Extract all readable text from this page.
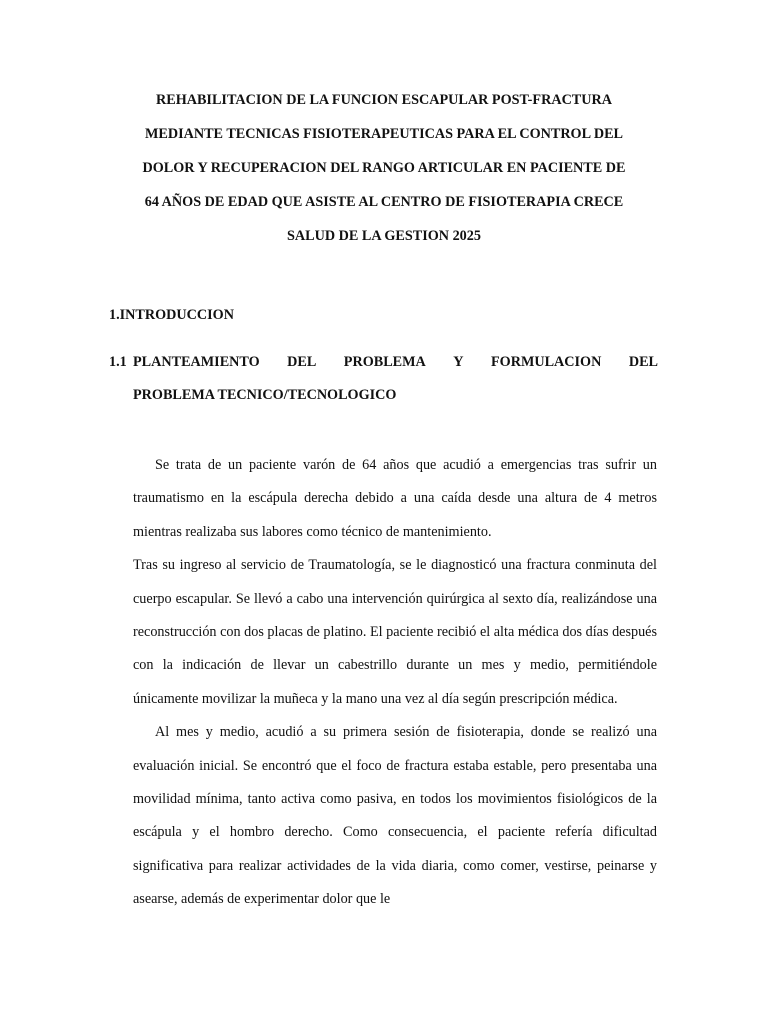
REHABILITACION DE LA FUNCION ESCAPULAR POST-FRACTURA
MEDIANTE TECNICAS FISIOTERAPEUTICAS PARA EL CONTROL DEL
DOLOR Y RECUPERACION DEL RANGO ARTICULAR EN PACIENTE DE
64 AÑOS DE EDAD QUE ASISTE AL CENTRO DE FISIOTERAPIA CRECE
SALUD DE LA GESTION 2025
1.INTRODUCCION
1.1 PLANTEAMIENTO DEL PROBLEMA Y FORMULACION DEL
PROBLEMA TECNICO/TECNOLOGICO

Se trata de un paciente varón de 64 años que acudió a emergencias tras sufrir un traumatismo en la escápula derecha debido a una caída desde una altura de 4 metros mientras realizaba sus labores como técnico de mantenimiento.

Tras su ingreso al servicio de Traumatología, se le diagnosticó una fractura conminuta del cuerpo escapular. Se llevó a cabo una intervención quirúrgica al sexto día, realizándose una reconstrucción con dos placas de platino. El paciente recibió el alta médica dos días después con la indicación de llevar un cabestrillo durante un mes y medio, permitiéndole únicamente movilizar la muñeca y la mano una vez al día según prescripción médica.

Al mes y medio, acudió a su primera sesión de fisioterapia, donde se realizó una evaluación inicial. Se encontró que el foco de fractura estaba estable, pero presentaba una movilidad mínima, tanto activa como pasiva, en todos los movimientos fisiológicos de la escápula y el hombro derecho. Como consecuencia, el paciente refería dificultad significativa para realizar actividades de la vida diaria, como comer, vestirse, peinarse y asearse, además de experimentar dolor que le
